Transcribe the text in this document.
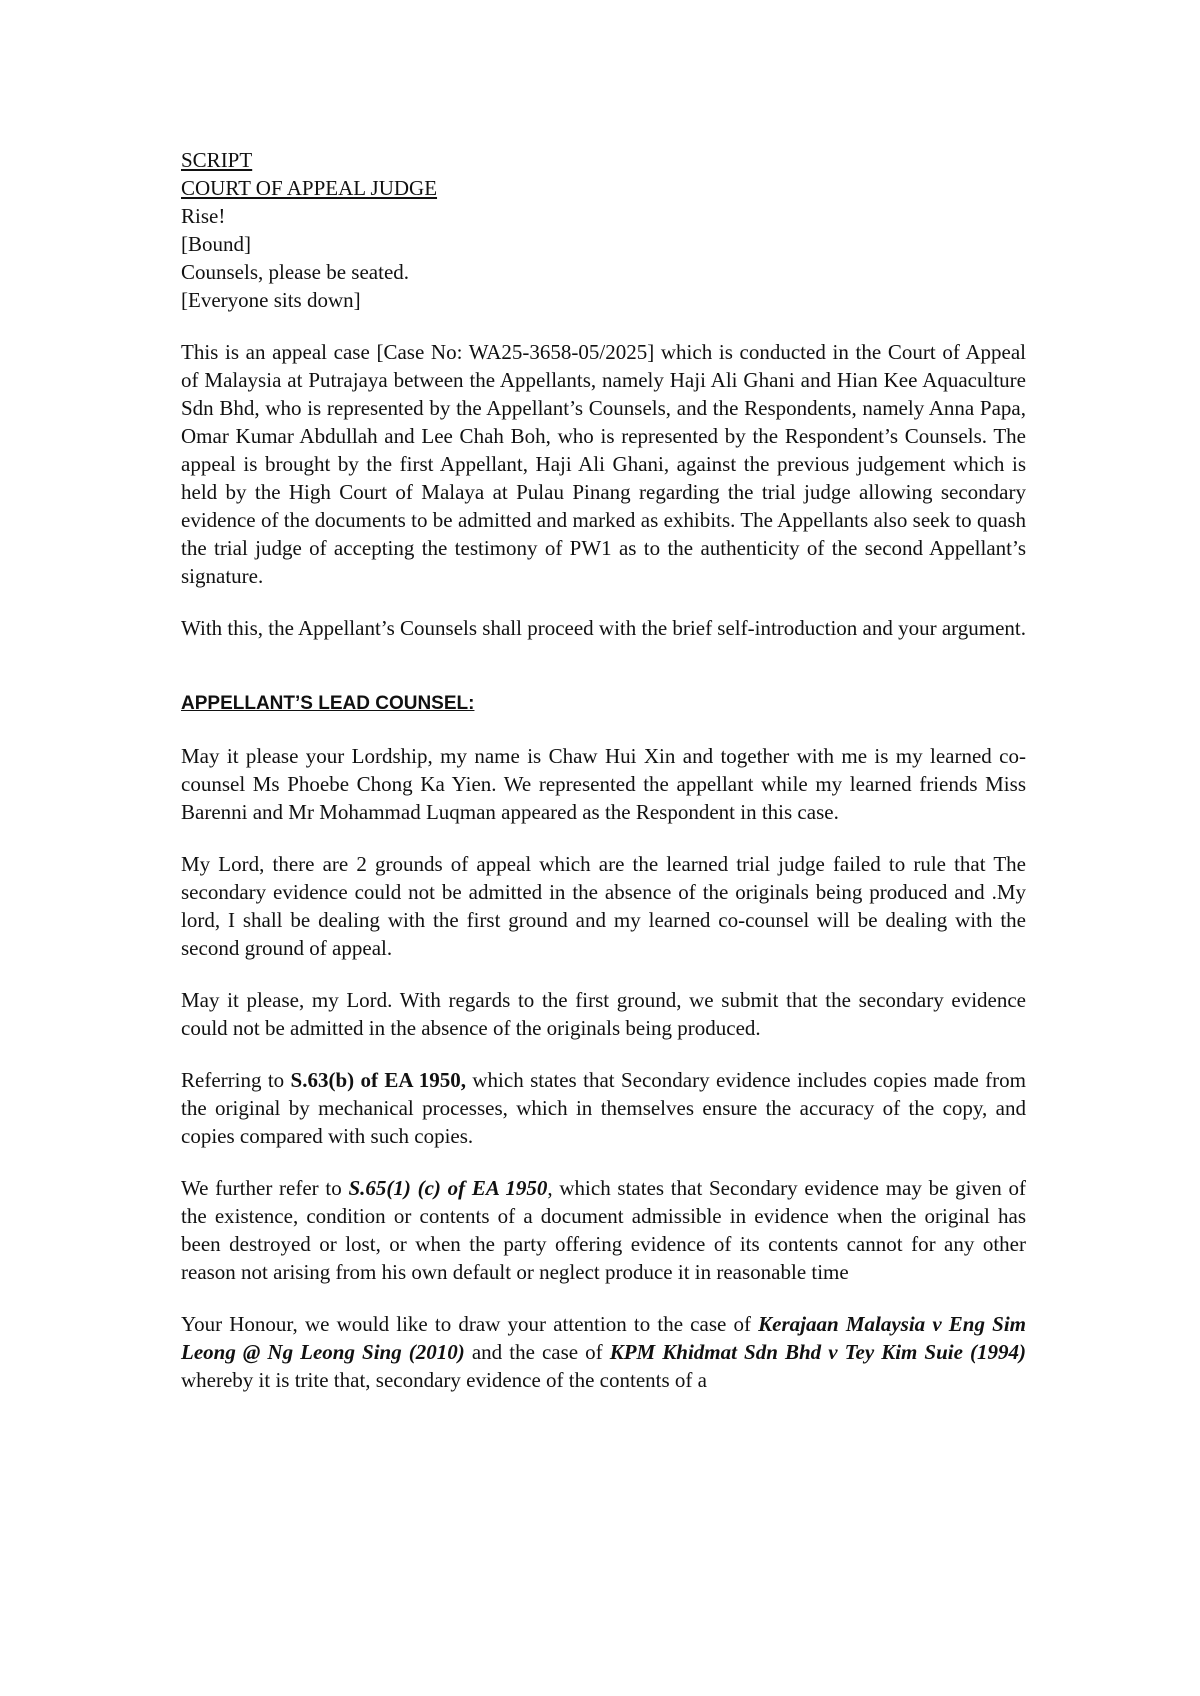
SCRIPT

COURT OF APPEAL JUDGE

Rise!

[Bound]

Counsels, please be seated.

[Everyone sits down]

This is an appeal case [Case No: WA25-3658-05/2025] which is conducted in the Court of Appeal of Malaysia at Putrajaya between the Appellants, namely Haji Ali Ghani and Hian Kee Aquaculture Sdn Bhd, who is represented by the Appellant’s Counsels, and the Respondents, namely Anna Papa, Omar Kumar Abdullah and Lee Chah Boh, who is represented by the Respondent’s Counsels. The appeal is brought by the first Appellant, Haji Ali Ghani, against the previous judgement which is held by the High Court of Malaya at Pulau Pinang regarding the trial judge allowing secondary evidence of the documents to be admitted and marked as exhibits. The Appellants also seek to quash the trial judge of accepting the testimony of PW1 as to the authenticity of the second Appellant’s signature.

With this, the Appellant’s Counsels shall proceed with the brief self-introduction and your argument.

APPELLANT’S LEAD COUNSEL:

May it please your Lordship, my name is Chaw Hui Xin and together with me is my learned co-counsel Ms Phoebe Chong Ka Yien. We represented the appellant while my learned friends Miss Barenni and Mr Mohammad Luqman appeared as the Respondent in this case.

My Lord, there are 2 grounds of appeal which are the learned trial judge failed to rule that The secondary evidence could not be admitted in the absence of the originals being produced and .My lord, I shall be dealing with the first ground and my learned co-counsel will be dealing with the second ground of appeal.

May it please, my Lord. With regards to the first ground, we submit that the secondary evidence could not be admitted in the absence of the originals being produced.

Referring to S.63(b) of EA 1950, which states that Secondary evidence includes copies made from the original by mechanical processes, which in themselves ensure the accuracy of the copy, and copies compared with such copies.

We further refer to S.65(1) (c) of EA 1950, which states that Secondary evidence may be given of the existence, condition or contents of a document admissible in evidence when the original has been destroyed or lost, or when the party offering evidence of its contents cannot for any other reason not arising from his own default or neglect produce it in reasonable time

Your Honour, we would like to draw your attention to the case of Kerajaan Malaysia v Eng Sim Leong @ Ng Leong Sing (2010) and the case of KPM Khidmat Sdn Bhd v Tey Kim Suie (1994) whereby it is trite that, secondary evidence of the contents of a
